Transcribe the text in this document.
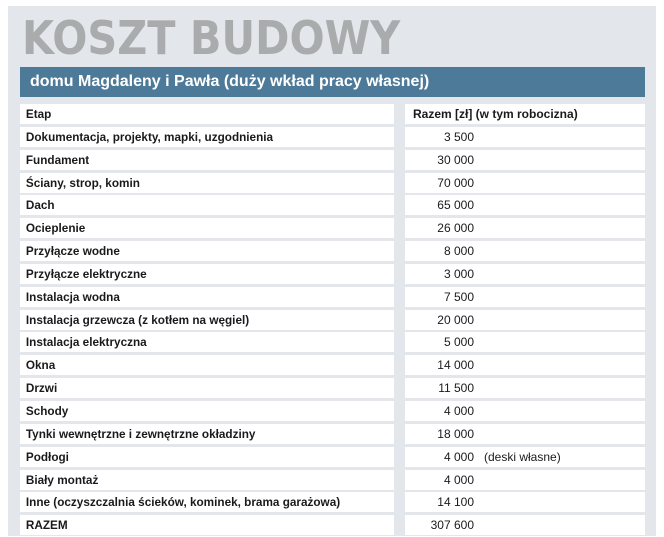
KOSZT BUDOWY
domu Magdaleny i Pawła (duży wkład pracy własnej)
Etap	Razem [zł] (w tym robocizna)
Dokumentacja, projekty, mapki, uzgodnienia	3 500
Fundament	30 000
Ściany, strop, komin	70 000
Dach	65 000
Ocieplenie	26 000
Przyłącze wodne	8 000
Przyłącze elektryczne	3 000
Instalacja wodna	7 500
Instalacja grzewcza (z kotłem na węgiel)	20 000
Instalacja elektryczna	5 000
Okna	14 000
Drzwi	11 500
Schody	4 000
Tynki wewnętrzne i zewnętrzne okładziny	18 000
Podłogi	4 000 (deski własne)
Biały montaż	4 000
Inne (oczyszczalnia ścieków, kominek, brama garażowa)	14 100
RAZEM	307 600
